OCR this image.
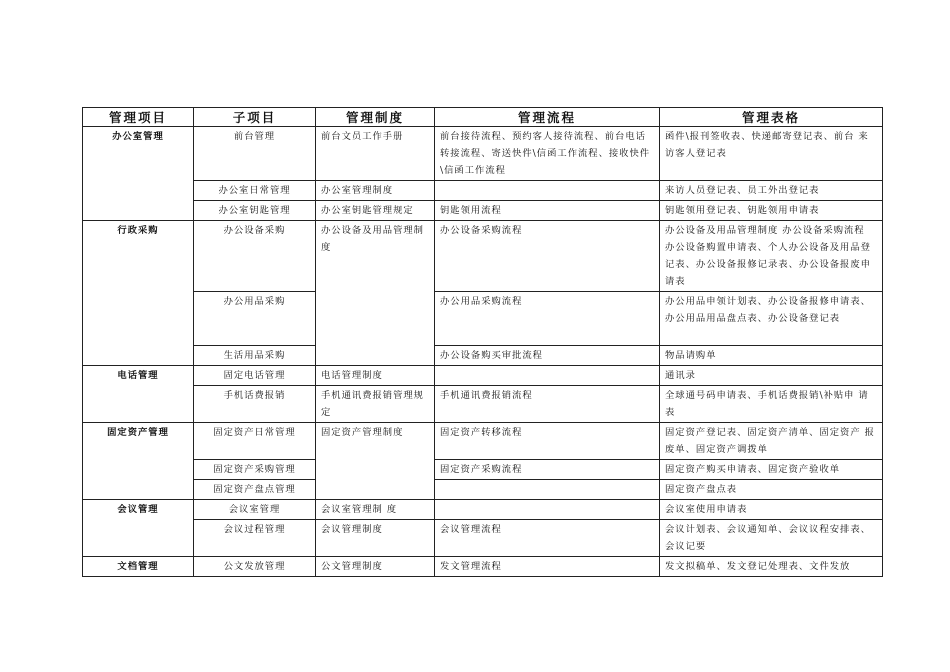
管理项目	子项目	管理制度	管理流程	管理表格
办公室管理	前台管理	前台文员工作手册	前台接待流程、预约客人接待流程、前台电话转接流程、寄送快件\信函工作流程、接收快件\信函工作流程	函件\报刊签收表、快递邮寄登记表、前台 来访客人登记表
	办公室日常管理	办公室管理制度		来访人员登记表、员工外出登记表
	办公室钥匙管理	办公室钥匙管理规定	钥匙领用流程	钥匙领用登记表、钥匙领用申请表
行政采购	办公设备采购	办公设备及用品管理制度	办公设备采购流程	办公设备及用品管理制度 办公设备采购流程 办公设备购置申请表、个人办公设备及用品登记表、办公设备报修记录表、办公设备报废申请表
	办公用品采购		办公用品采购流程	办公用品申领计划表、办公设备报修申请表、办公用品用品盘点表、办公设备登记表
	生活用品采购		办公设备购买审批流程	物品请购单
电话管理	固定电话管理	电话管理制度		通讯录
	手机话费报销	手机通讯费报销管理规定	手机通讯费报销流程	全球通号码申请表、手机话费报销\补贴申 请表
固定资产管理	固定资产日常管理	固定资产管理制度	固定资产转移流程	固定资产登记表、固定资产清单、固定资产 报废单、固定资产调拨单
	固定资产采购管理		固定资产采购流程	固定资产购买申请表、固定资产验收单
	固定资产盘点管理			固定资产盘点表
会议管理	会议室管理	会议室管理制 度		会议室使用申请表
	会议过程管理	会议管理制度	会议管理流程	会议计划表、会议通知单、会议议程安排表、会议记要
文档管理	公文发放管理	公文管理制度	发文管理流程	发文拟稿单、发文登记处理表、文件发放
